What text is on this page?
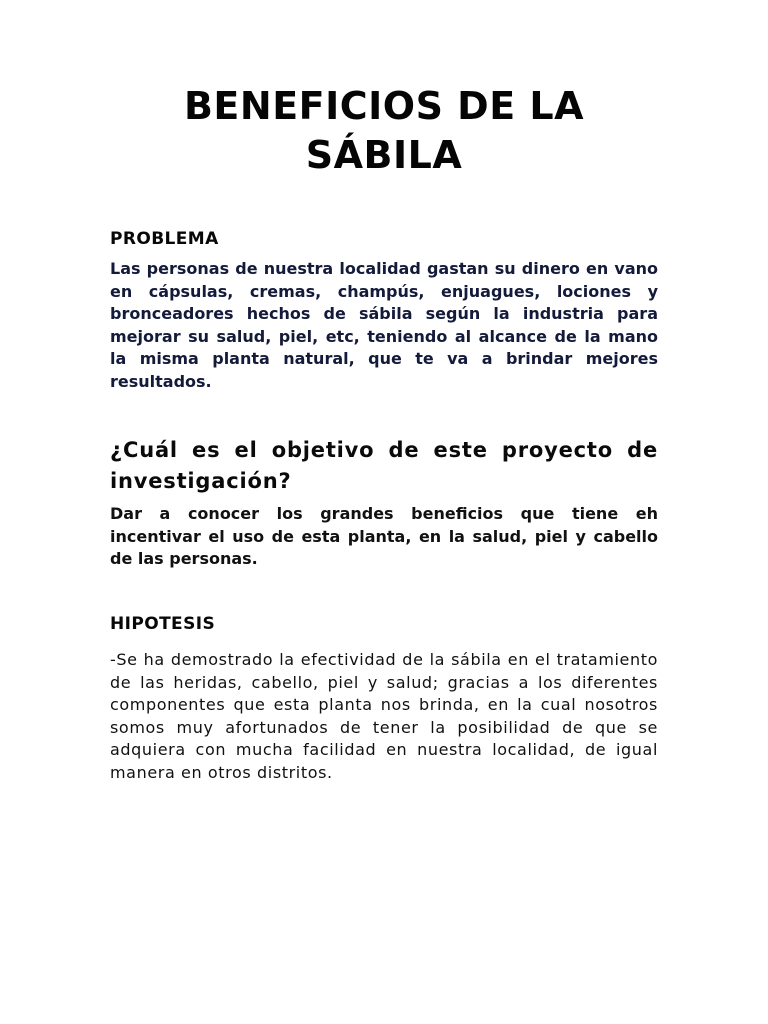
BENEFICIOS DE LA SÁBILA
PROBLEMA

Las personas de nuestra localidad gastan su dinero en vano en cápsulas, cremas, champús, enjuagues, lociones y bronceadores hechos de sábila según la industria para mejorar su salud, piel, etc, teniendo al alcance de la mano la misma planta natural, que te va a brindar mejores resultados.

¿Cuál es el objetivo de este proyecto de investigación?

Dar a conocer los grandes beneficios que tiene eh incentivar el uso de esta planta, en la salud, piel y cabello de las personas.

HIPOTESIS

-Se ha demostrado la efectividad de la sábila en el tratamiento de las heridas, cabello, piel y salud; gracias a los diferentes componentes que esta planta nos brinda, en la cual nosotros somos muy afortunados de tener la posibilidad de que se adquiera con mucha facilidad en nuestra localidad, de igual manera en otros distritos.
